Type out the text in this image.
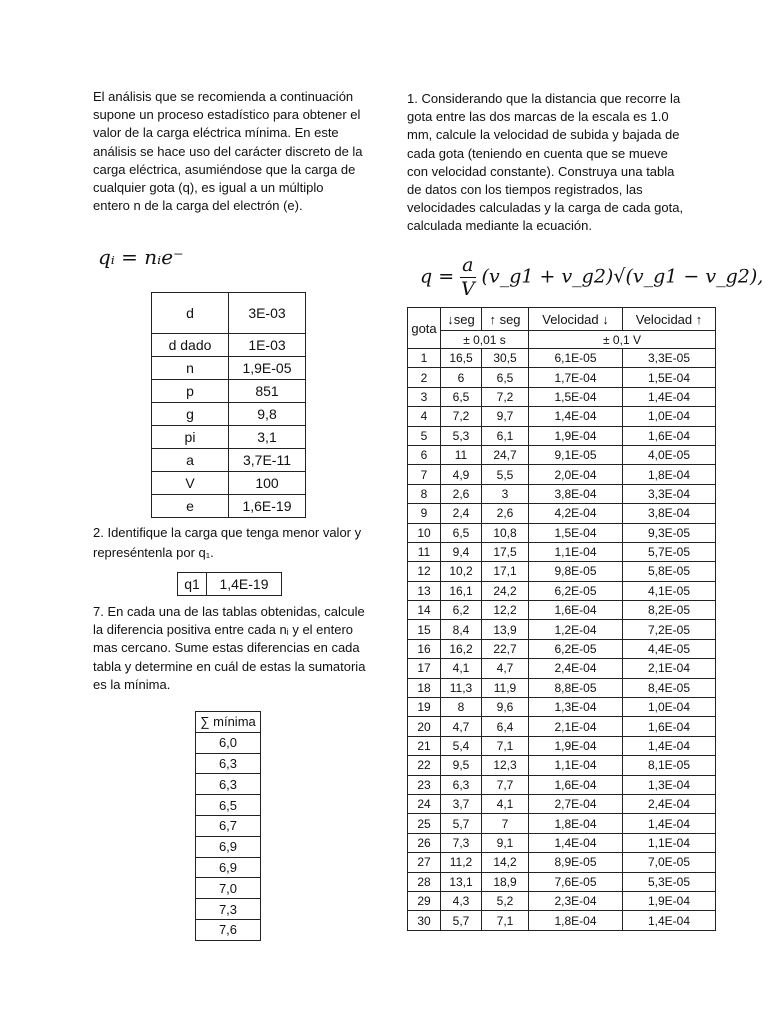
El análisis que se recomienda a continuación supone un proceso estadístico para obtener el valor de la carga eléctrica mínima. En este análisis se hace uso del carácter discreto de la carga eléctrica, asumiéndose que la carga de cualquier gota (q), es igual a un múltiplo entero n de la carga del electrón (e).
qᵢ = nᵢe⁻
d	3E-03
d dado	1E-03
n	1,9E-05
p	851
g	9,8
pi	3,1
a	3,7E-11
V	100
e	1,6E-19
2. Identifique la carga que tenga menor valor y represéntenla por q₁.
q1	1,4E-19
7. En cada una de las tablas obtenidas, calcule la diferencia positiva entre cada nᵢ y el entero mas cercano. Sume estas diferencias en cada tabla y determine en cuál de estas la sumatoria es la mínima.
∑ mínima
6,0
6,3
6,3
6,5
6,7
6,9
6,9
7,0
7,3
7,6
1. Considerando que la distancia que recorre la gota entre las dos marcas de la escala es 1.0 mm, calcule la velocidad de subida y bajada de cada gota (teniendo en cuenta que se mueve con velocidad constante). Construya una tabla de datos con los tiempos registrados, las velocidades calculadas y la carga de cada gota, calculada mediante la ecuación.
$q = \frac{a}{V}$ (v_g1 + v_g2)√(v_g1 − v_g2),
gota	↓seg	↑ seg	Velocidad ↓	Velocidad ↑
	± 0,01 s		± 0,1 V	
1	16,5	30,5	6,1E-05	3,3E-05
2	6	6,5	1,7E-04	1,5E-04
3	6,5	7,2	1,5E-04	1,4E-04
4	7,2	9,7	1,4E-04	1,0E-04
5	5,3	6,1	1,9E-04	1,6E-04
6	11	24,7	9,1E-05	4,0E-05
7	4,9	5,5	2,0E-04	1,8E-04
8	2,6	3	3,8E-04	3,3E-04
9	2,4	2,6	4,2E-04	3,8E-04
10	6,5	10,8	1,5E-04	9,3E-05
11	9,4	17,5	1,1E-04	5,7E-05
12	10,2	17,1	9,8E-05	5,8E-05
13	16,1	24,2	6,2E-05	4,1E-05
14	6,2	12,2	1,6E-04	8,2E-05
15	8,4	13,9	1,2E-04	7,2E-05
16	16,2	22,7	6,2E-05	4,4E-05
17	4,1	4,7	2,4E-04	2,1E-04
18	11,3	11,9	8,8E-05	8,4E-05
19	8	9,6	1,3E-04	1,0E-04
20	4,7	6,4	2,1E-04	1,6E-04
21	5,4	7,1	1,9E-04	1,4E-04
22	9,5	12,3	1,1E-04	8,1E-05
23	6,3	7,7	1,6E-04	1,3E-04
24	3,7	4,1	2,7E-04	2,4E-04
25	5,7	7	1,8E-04	1,4E-04
26	7,3	9,1	1,4E-04	1,1E-04
27	11,2	14,2	8,9E-05	7,0E-05
28	13,1	18,9	7,6E-05	5,3E-05
29	4,3	5,2	2,3E-04	1,9E-04
30	5,7	7,1	1,8E-04	1,4E-04
